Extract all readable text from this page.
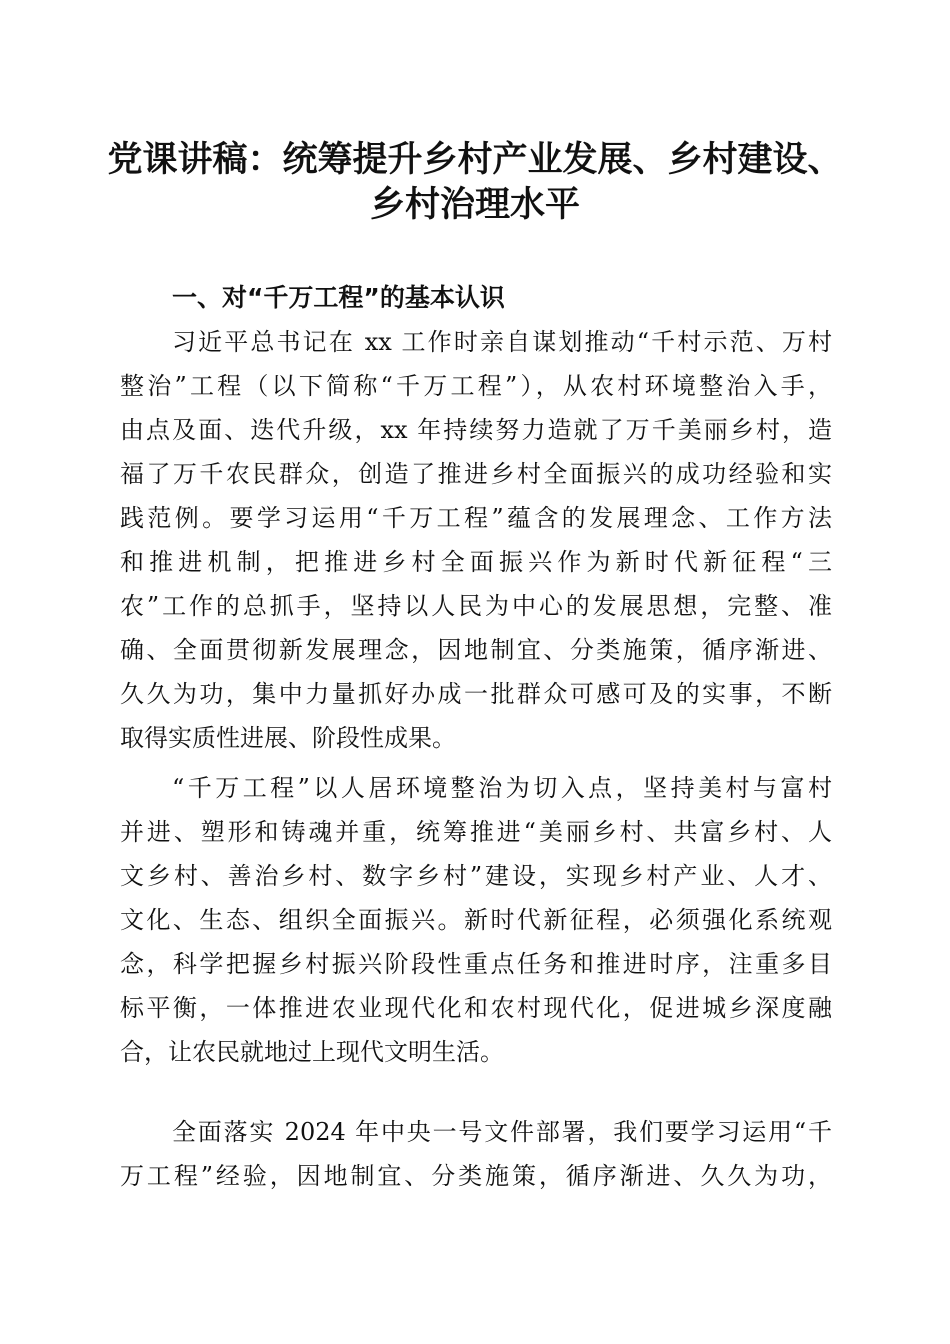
党课讲稿：统筹提升乡村产业发展、乡村建设、
乡村治理水平
一、对“千万工程”的基本认识
习近平总书记在 xx 工作时亲自谋划推动“千村示范、万村
整治”工程（以下简称“千万工程”），从农村环境整治入手，
由点及面、迭代升级，xx 年持续努力造就了万千美丽乡村，造
福了万千农民群众，创造了推进乡村全面振兴的成功经验和实
践范例。要学习运用“千万工程”蕴含的发展理念、工作方法
和推进机制，把推进乡村全面振兴作为新时代新征程“三
农”工作的总抓手，坚持以人民为中心的发展思想，完整、准
确、全面贯彻新发展理念，因地制宜、分类施策，循序渐进、
久久为功，集中力量抓好办成一批群众可感可及的实事，不断
取得实质性进展、阶段性成果。
“千万工程”以人居环境整治为切入点，坚持美村与富村
并进、塑形和铸魂并重，统筹推进“美丽乡村、共富乡村、人
文乡村、善治乡村、数字乡村”建设，实现乡村产业、人才、
文化、生态、组织全面振兴。新时代新征程，必须强化系统观
念，科学把握乡村振兴阶段性重点任务和推进时序，注重多目
标平衡，一体推进农业现代化和农村现代化，促进城乡深度融
合，让农民就地过上现代文明生活。
全面落实 2024 年中央一号文件部署，我们要学习运用“千
万工程”经验，因地制宜、分类施策，循序渐进、久久为功，
